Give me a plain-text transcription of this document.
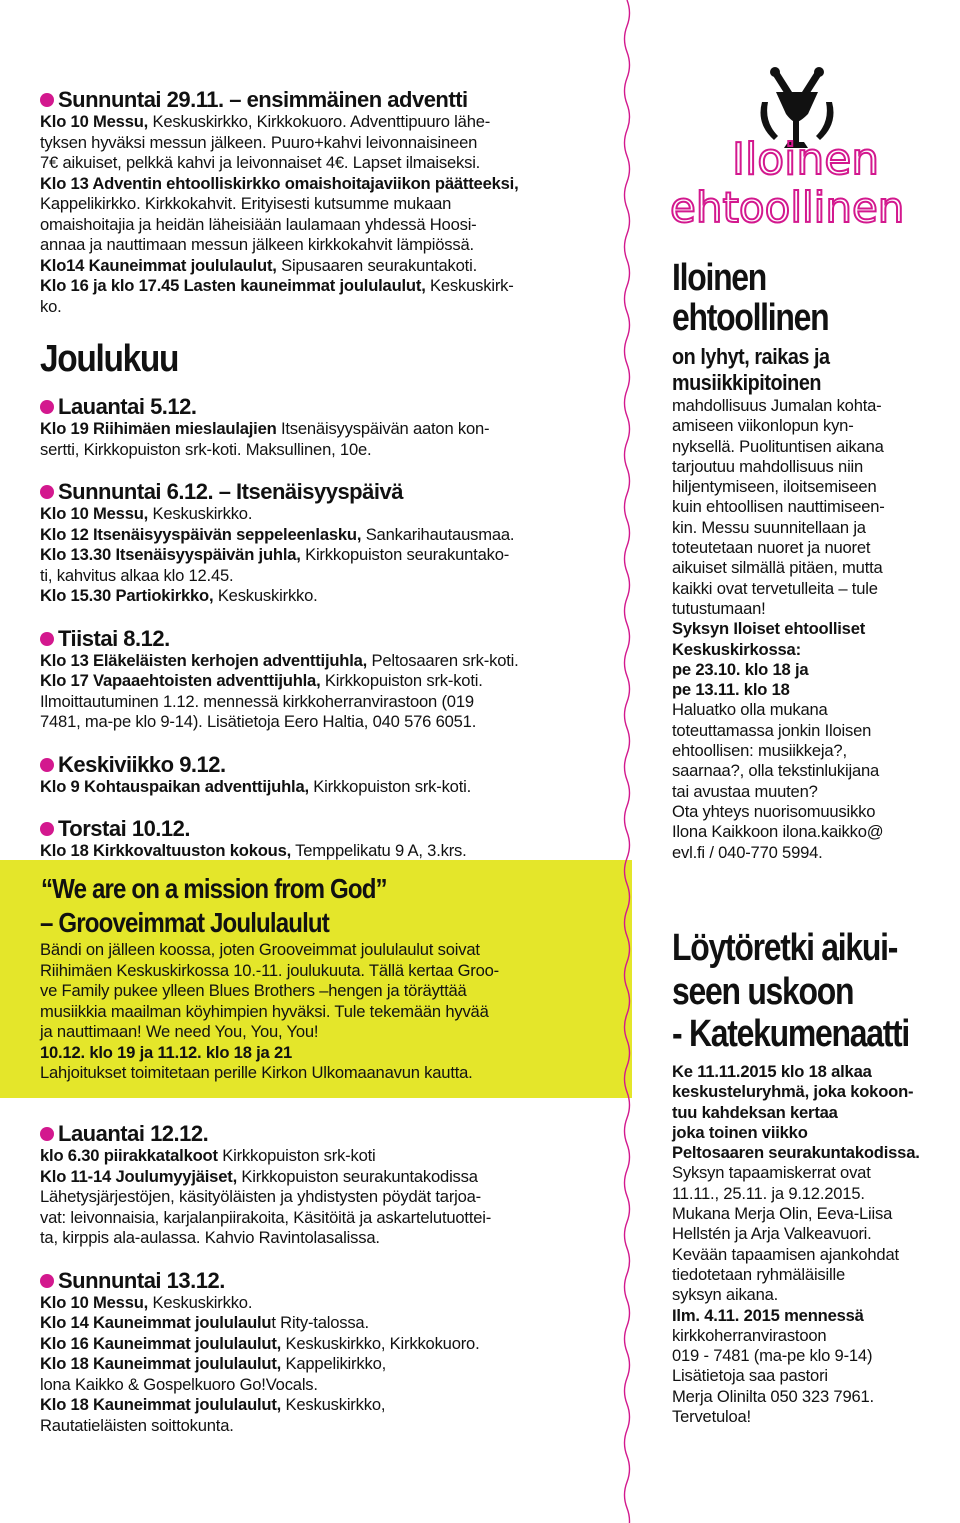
Sunnuntai 29.11. – ensimmäinen adventti

Klo 10 Messu, Keskuskirkko, Kirkkokuoro. Adventtipuuro lähe-

tyksen hyväksi messun jälkeen. Puuro+kahvi leivonnaisineen

7€ aikuiset, pelkkä kahvi ja leivonnaiset 4€. Lapset ilmaiseksi.

Klo 13 Adventin ehtoolliskirkko omaishoitajaviikon päätteeksi,

Kappelikirkko. Kirkkokahvit. Erityisesti kutsumme mukaan

omaishoitajia ja heidän läheisiään laulamaan yhdessä Hoosi-

annaa ja nauttimaan messun jälkeen kirkkokahvit lämpiössä.

Klo14 Kauneimmat joululaulut, Sipusaaren seurakuntakoti.

Klo 16 ja klo 17.45 Lasten kauneimmat joululaulut, Keskuskirk-

ko.

Joulukuu

Lauantai 5.12.

Klo 19 Riihimäen mieslaulajien Itsenäisyyspäivän aaton kon-

sertti, Kirkkopuiston srk-koti. Maksullinen, 10e.

Sunnuntai 6.12. – Itsenäisyyspäivä

Klo 10 Messu, Keskuskirkko.

Klo 12 Itsenäisyyspäivän seppeleenlasku, Sankarihautausmaa.

Klo 13.30 Itsenäisyyspäivän juhla, Kirkkopuiston seurakuntako-

ti, kahvitus alkaa klo 12.45.

Klo 15.30 Partiokirkko, Keskuskirkko.

Tiistai 8.12.

Klo 13 Eläkeläisten kerhojen adventtijuhla, Peltosaaren srk-koti.

Klo 17 Vapaaehtoisten adventtijuhla, Kirkkopuiston srk-koti.

Ilmoittautuminen 1.12. mennessä kirkkoherranvirastoon (019

7481, ma-pe klo 9-14). Lisätietoja Eero Haltia, 040 576 6051.

Keskiviikko 9.12.

Klo 9 Kohtauspaikan adventtijuhla, Kirkkopuiston srk-koti.

Torstai 10.12.

Klo 18 Kirkkovaltuuston kokous, Temppelikatu 9 A, 3.krs.

“We are on a mission from God”

– Grooveimmat Joululaulut

Bändi on jälleen koossa, joten Grooveimmat joululaulut soivat

Riihimäen Keskuskirkossa 10.-11. joulukuuta. Tällä kertaa Groo-

ve Family pukee ylleen Blues Brothers –hengen ja töräyttää

musiikkia maailman köyhimpien hyväksi. Tule tekemään hyvää

ja nauttimaan! We need You, You, You!

10.12. klo 19 ja 11.12. klo 18 ja 21

Lahjoitukset toimitetaan perille Kirkon Ulkomaanavun kautta.

Lauantai 12.12.

klo 6.30 piirakkatalkoot Kirkkopuiston srk-koti

Klo 11-14 Joulumyyjäiset, Kirkkopuiston seurakuntakodissa

Lähetysjärjestöjen, käsityöläisten ja yhdistysten pöydät tarjoa-

vat: leivonnaisia, karjalanpiirakoita, Käsitöitä ja askartelutuottei-

ta, kirppis ala-aulassa. Kahvio Ravintolasalissa.

Sunnuntai 13.12.

Klo 10 Messu, Keskuskirkko.

Klo 14 Kauneimmat joululaulut Rity-talossa.

Klo 16 Kauneimmat joululaulut, Keskuskirkko, Kirkkokuoro.

Klo 18 Kauneimmat joululaulut, Kappelikirkko,

lona Kaikko & Gospelkuoro Go!Vocals.

Klo 18 Kauneimmat joululaulut, Keskuskirkko,

Rautatieläisten soittokunta.

Iloinen
ehtoollinen

Iloinen

ehtoollinen

on lyhyt, raikas ja

musiikkipitoinen

mahdollisuus Jumalan kohta-

amiseen viikonlopun kyn-

nyksellä. Puolituntisen aikana

tarjoutuu mahdollisuus niin

hiljentymiseen, iloitsemiseen

kuin ehtoollisen nauttimiseen-

kin. Messu suunnitellaan ja

toteutetaan nuoret ja nuoret

aikuiset silmällä pitäen, mutta

kaikki ovat tervetulleita – tule

tutustumaan!

Syksyn Iloiset ehtoolliset

Keskuskirkossa:

pe 23.10. klo 18 ja

pe 13.11. klo 18

Haluatko olla mukana

toteuttamassa jonkin Iloisen

ehtoollisen: musiikkeja?,

saarnaa?, olla tekstinlukijana

tai avustaa muuten?

Ota yhteys nuorisomuusikko

Ilona Kaikkoon ilona.kaikko@

evl.fi / 040-770 5994.

Löytöretki aikui-

seen uskoon

- Katekumenaatti

Ke 11.11.2015 klo 18 alkaa

keskusteluryhmä, joka kokoon-

tuu kahdeksan kertaa

joka toinen viikko

Peltosaaren seurakuntakodissa.

Syksyn tapaamiskerrat ovat

11.11., 25.11. ja 9.12.2015.

Mukana Merja Olin, Eeva-Liisa

Hellstén ja Arja Valkeavuori.

Kevään tapaamisen ajankohdat

tiedotetaan ryhmäläisille

syksyn aikana.

Ilm. 4.11. 2015 mennessä

kirkkoherranvirastoon

019 - 7481 (ma-pe klo 9-14)

Lisätietoja saa pastori

Merja Olinilta 050 323 7961.

Tervetuloa!
